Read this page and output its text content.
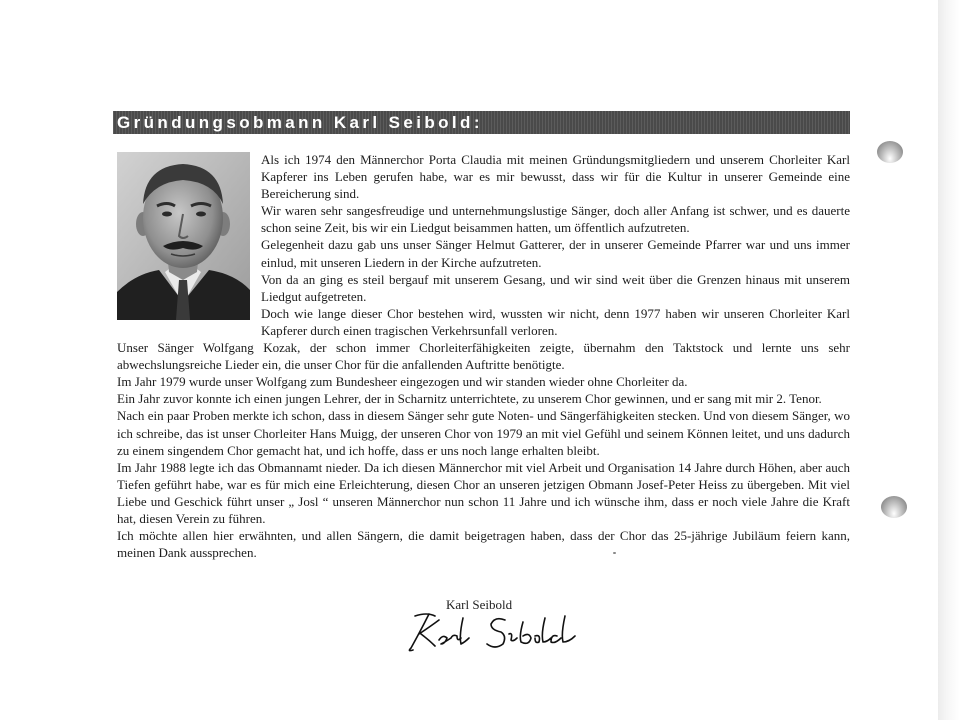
Gründungsobmann Karl Seibold:

Als ich 1974 den Männerchor Porta Claudia mit meinen Gründungsmitgliedern und unserem Chorleiter Karl Kapferer ins Leben gerufen habe, war es mir bewusst, dass wir für die Kultur in unserer Gemeinde eine Bereicherung sind.

Wir waren sehr sangesfreudige und unternehmungslustige Sänger, doch aller Anfang ist schwer, und es dauerte schon seine Zeit, bis wir ein Liedgut beisammen hatten, um öffentlich aufzutreten.

Gelegenheit dazu gab uns unser Sänger Helmut Gatterer, der in unserer Gemeinde Pfarrer war und uns immer einlud, mit unseren Liedern in der Kirche aufzutreten.

Von da an ging es steil bergauf mit unserem Gesang, und wir sind weit über die Grenzen hinaus mit unserem Liedgut aufgetreten.

Doch wie lange dieser Chor bestehen wird, wussten wir nicht, denn 1977 haben wir unseren Chorleiter Karl Kapferer durch einen tragischen Verkehrsunfall verloren.

Unser Sänger Wolfgang Kozak, der schon immer Chorleiterfähigkeiten zeigte, übernahm den Taktstock und lernte uns sehr abwechslungsreiche Lieder ein, die unser Chor für die anfallenden Auftritte benötigte.

Im Jahr 1979 wurde unser Wolfgang zum Bundesheer eingezogen und wir standen wieder ohne Chorleiter da.

Ein Jahr zuvor konnte ich einen jungen Lehrer, der in Scharnitz unterrichtete, zu unserem Chor gewinnen, und er sang mit mir 2. Tenor.

Nach ein paar Proben merkte ich schon, dass in diesem Sänger sehr gute Noten- und Sängerfähigkeiten stecken. Und von diesem Sänger, wo ich schreibe, das ist unser Chorleiter Hans Muigg, der unseren Chor von 1979 an mit viel Gefühl und seinem Können leitet, und uns dadurch zu einem singendem Chor gemacht hat, und ich hoffe, dass er uns noch lange erhalten bleibt.

Im Jahr 1988 legte ich das Obmannamt nieder. Da ich diesen Männerchor mit viel Arbeit und Organisation 14 Jahre durch Höhen, aber auch Tiefen geführt habe, war es für mich eine Erleichterung, diesen Chor an unseren jetzigen Obmann Josef-Peter Heiss zu übergeben. Mit viel Liebe und Geschick führt unser „ Josl “ unseren Männerchor nun schon 11 Jahre und ich wünsche ihm, dass er noch viele Jahre die Kraft hat, diesen Verein zu führen.

Ich möchte allen hier erwähnten, und allen Sängern, die damit beigetragen haben, dass der Chor das 25-jährige Jubiläum feiern kann, meinen Dank aussprechen.

Karl Seibold
